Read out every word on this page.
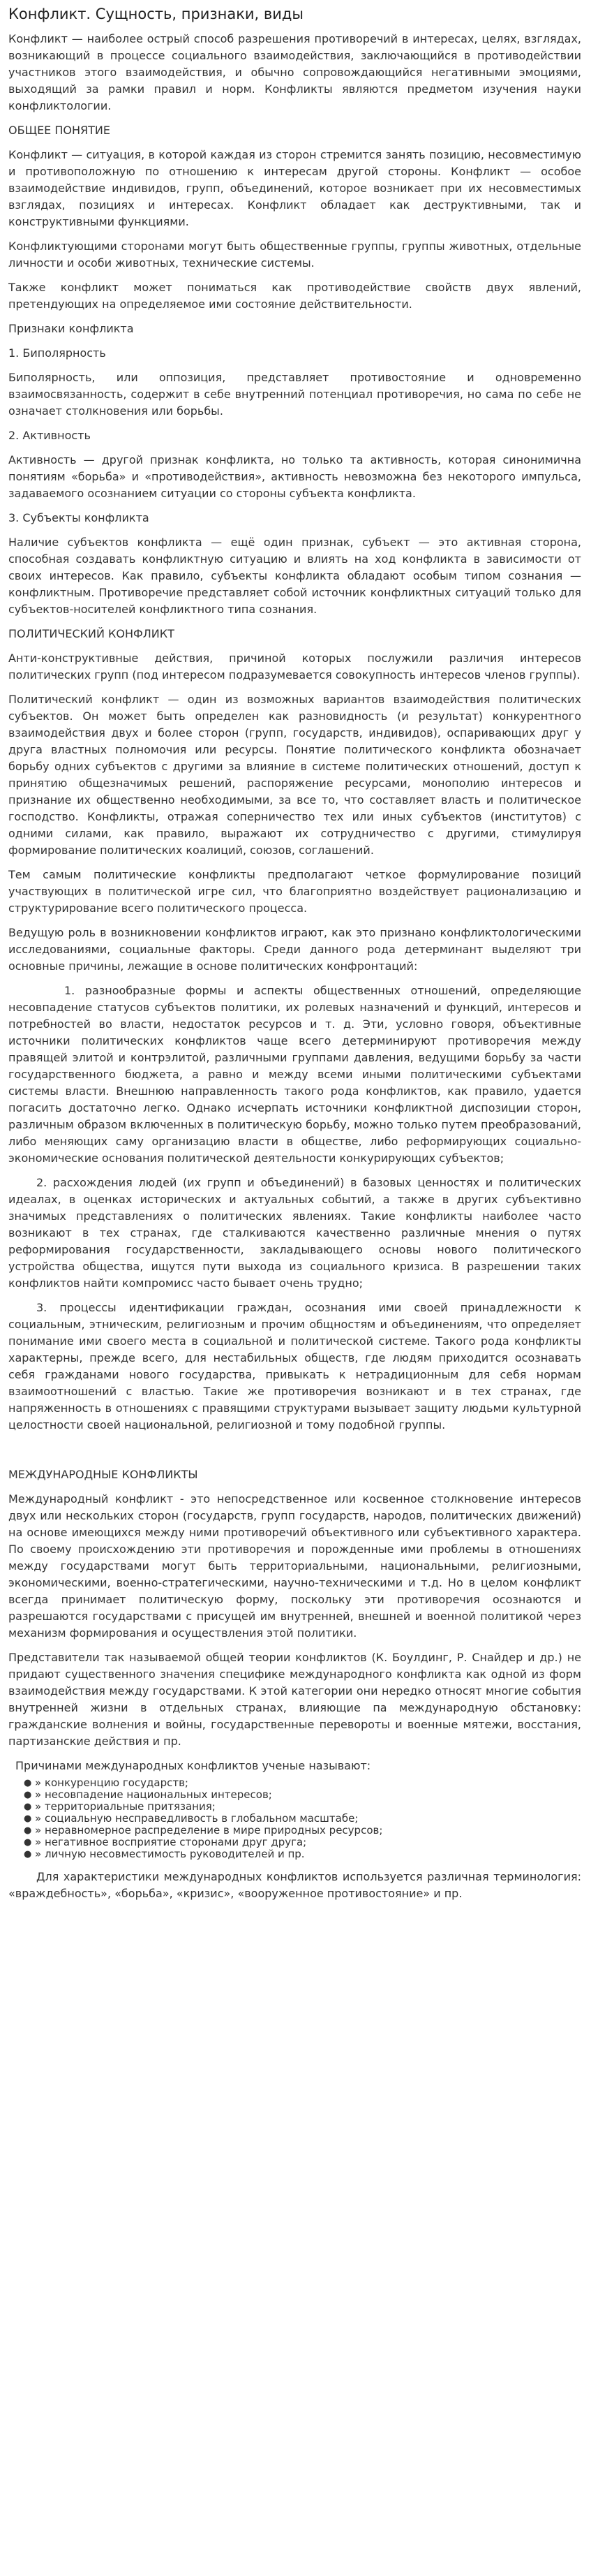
Конфликт. Сущность, признаки, виды

Конфликт — наиболее острый способ разрешения противоречий в интересах, целях, взглядах, возникающий в процессе социального взаимодействия, заключающийся в противодействии участников этого взаимодействия, и обычно сопровождающийся негативными эмоциями, выходящий за рамки правил и норм. Конфликты являются предметом изучения науки конфликтологии.

ОБЩЕЕ ПОНЯТИЕ

Конфликт — ситуация, в которой каждая из сторон стремится занять позицию, несовместимую и противоположную по отношению к интересам другой стороны. Конфликт — особое взаимодействие индивидов, групп, объединений, которое возникает при их несовместимых взглядах, позициях и интересах. Конфликт обладает как деструктивными, так и конструктивными функциями.

Конфликтующими сторонами могут быть общественные группы, группы животных, отдельные личности и особи животных, технические системы.

Также конфликт может пониматься как противодействие свойств двух явлений, претендующих на определяемое ими состояние действительности.

Признаки конфликта

1. Биполярность

Биполярность, или оппозиция, представляет противостояние и одновременно взаимосвязанность, содержит в себе внутренний потенциал противоречия, но сама по себе не означает столкновения или борьбы.

2. Активность

Активность — другой признак конфликта, но только та активность, которая синонимична понятиям «борьба» и «противодействия», активность невозможна без некоторого импульса, задаваемого осознанием ситуации со стороны субъекта конфликта.

3. Субъекты конфликта

Наличие субъектов конфликта — ещё один признак, субъект — это активная сторона, способная создавать конфликтную ситуацию и влиять на ход конфликта в зависимости от своих интересов. Как правило, субъекты конфликта обладают особым типом сознания — конфликтным. Противоречие представляет собой источник конфликтных ситуаций только для субъектов-носителей конфликтного типа сознания.

ПОЛИТИЧЕСКИЙ КОНФЛИКТ

Анти-конструктивные действия, причиной которых послужили различия интересов политических групп (под интересом подразумевается совокупность интересов членов группы).

Политический конфликт — один из возможных вариантов взаимодействия политических субъектов. Он может быть определен как разновидность (и результат) конкурентного взаимодействия двух и более сторон (групп, государств, индивидов), оспаривающих друг у друга властных полномочия или ресурсы. Понятие политического конфликта обозначает борьбу одних субъектов с другими за влияние в системе политических отношений, доступ к принятию общезначимых решений, распоряжение ресурсами, монополию интересов и признание их общественно необходимыми, за все то, что составляет власть и политическое господство. Конфликты, отражая соперничество тех или иных субъектов (институтов) с одними силами, как правило, выражают их сотрудничество с другими, стимулируя формирование политических коалиций, союзов, соглашений.

Тем самым политические конфликты предполагают четкое формулирование позиций участвующих в политической игре сил, что благоприятно воздействует рационализацию и структурирование всего политического процесса.

Ведущую роль в возникновении конфликтов играют, как это признано конфликтологическими исследованиями, социальные факторы. Среди данного рода детерминант выделяют три основные причины, лежащие в основе политических конфронтаций:

1. разнообразные формы и аспекты общественных отношений, определяющие несовпадение статусов субъектов политики, их ролевых назначений и функций, интересов и потребностей во власти, недостаток ресурсов и т. д. Эти, условно говоря, объективные источники политических конфликтов чаще всего детерминируют противоречия между правящей элитой и контрэлитой, различными группами давления, ведущими борьбу за части государственного бюджета, а равно и между всеми иными политическими субъектами системы власти. Внешнюю направленность такого рода конфликтов, как правило, удается погасить достаточно легко. Однако исчерпать источники конфликтной диспозиции сторон, различным образом включенных в политическую борьбу, можно только путем преобразований, либо меняющих саму организацию власти в обществе, либо реформирующих социально-экономические основания политической деятельности конкурирующих субъектов;

2. расхождения людей (их групп и объединений) в базовых ценностях и политических идеалах, в оценках исторических и актуальных событий, а также в других субъективно значимых представлениях о политических явлениях. Такие конфликты наиболее часто возникают в тех странах, где сталкиваются качественно различные мнения о путях реформирования государственности, закладывающего основы нового политического устройства общества, ищутся пути выхода из социального кризиса. В разрешении таких конфликтов найти компромисс часто бывает очень трудно;

3. процессы идентификации граждан, осознания ими своей принадлежности к социальным, этническим, религиозным и прочим общностям и объединениям, что определяет понимание ими своего места в социальной и политической системе. Такого рода конфликты характерны, прежде всего, для нестабильных обществ, где людям приходится осознавать себя гражданами нового государства, привыкать к нетрадиционным для себя нормам взаимоотношений с властью. Такие же противоречия возникают и в тех странах, где напряженность в отношениях с правящими структурами вызывает защиту людьми культурной целостности своей национальной, религиозной и тому подобной группы.

МЕЖДУНАРОДНЫЕ КОНФЛИКТЫ

Международный конфликт - это непосредственное или косвенное столкновение интересов двух или нескольких сторон (государств, групп государств, народов, политических движений) на основе имеющихся между ними противоречий объективного или субъективного характера. По своему происхождению эти противоречия и порожденные ими проблемы в отношениях между государствами могут быть территориальными, национальными, религиозными, экономическими, военно-стратегическими, научно-техническими и т.д. Но в целом конфликт всегда принимает политическую форму, поскольку эти противоречия осознаются и разрешаются государствами с присущей им внутренней, внешней и военной политикой через механизм формирования и осуществления этой политики.

Представители так называемой общей теории конфликтов (К. Боулдинг, Р. Снайдер и др.) не придают существенного значения специфике международного конфликта как одной из форм взаимодействия между государствами. К этой категории они нередко относят многие события внутренней жизни в отдельных странах, влияющие па международную обстановку: гражданские волнения и войны, государственные перевороты и военные мятежи, восстания, партизанские действия и пр.

Причинами международных конфликтов ученые называют:

● » конкуренцию государств;
● » несовпадение национальных интересов;
● » территориальные притязания;
● » социальную несправедливость в глобальном масштабе;
● » неравномерное распределение в мире природных ресурсов;
● » негативное восприятие сторонами друг друга;
● » личную несовместимость руководителей и пр.

Для характеристики международных конфликтов используется различная терминология: «враждебность», «борьба», «кризис», «вооруженное противостояние» и пр.
